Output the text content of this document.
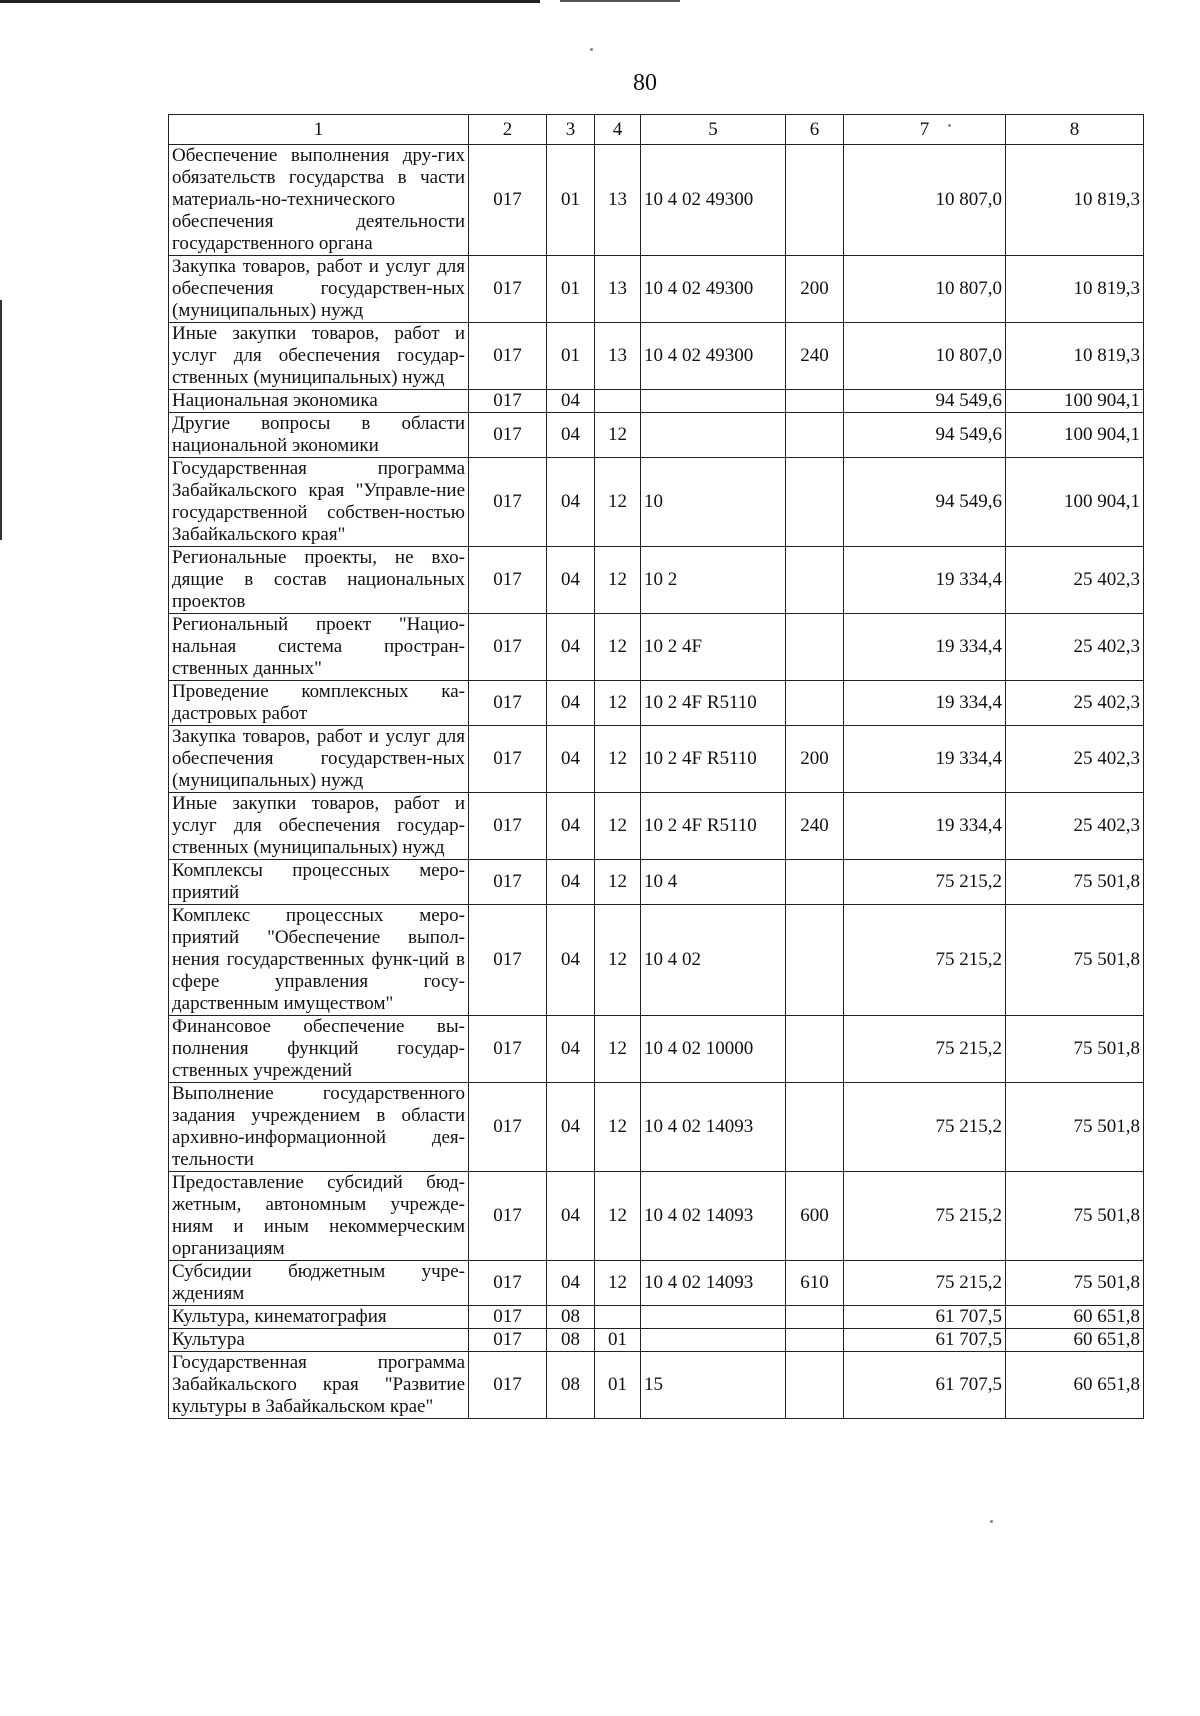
80
1	2	3	4	5	6	7	8
Обеспечение выполнения дру-гих обязательств государства в части материаль-но-технического обеспечения деятельности государственного органа	017	01	13	10 4 02 49300		10 807,0	10 819,3
Закупка товаров, работ и услуг для обеспечения государствен-ных (муниципальных) нужд	017	01	13	10 4 02 49300	200	10 807,0	10 819,3
Иные закупки товаров, работ и услуг для обеспечения государ-ственных (муниципальных) нужд	017	01	13	10 4 02 49300	240	10 807,0	10 819,3
Национальная экономика	017	04				94 549,6	100 904,1
Другие вопросы в области национальной экономики	017	04	12			94 549,6	100 904,1
Государственная программа Забайкальского края "Управле-ние государственной собствен-ностью Забайкальского края"	017	04	12	10		94 549,6	100 904,1
Региональные проекты, не вхо-дящие в состав национальных проектов	017	04	12	10 2		19 334,4	25 402,3
Региональный проект "Нацио-нальная система простран-ственных данных"	017	04	12	10 2 4F		19 334,4	25 402,3
Проведение комплексных ка-дастровых работ	017	04	12	10 2 4F R5110		19 334,4	25 402,3
Закупка товаров, работ и услуг для обеспечения государствен-ных (муниципальных) нужд	017	04	12	10 2 4F R5110	200	19 334,4	25 402,3
Иные закупки товаров, работ и услуг для обеспечения государ-ственных (муниципальных) нужд	017	04	12	10 2 4F R5110	240	19 334,4	25 402,3
Комплексы процессных меро-приятий	017	04	12	10 4		75 215,2	75 501,8
Комплекс процессных меро-приятий "Обеспечение выпол-нения государственных функ-ций в сфере управления госу-дарственным имуществом"	017	04	12	10 4 02		75 215,2	75 501,8
Финансовое обеспечение вы-полнения функций государ-ственных учреждений	017	04	12	10 4 02 10000		75 215,2	75 501,8
Выполнение государственного задания учреждением в области архивно-информационной дея-тельности	017	04	12	10 4 02 14093		75 215,2	75 501,8
Предоставление субсидий бюд-жетным, автономным учрежде-ниям и иным некоммерческим организациям	017	04	12	10 4 02 14093	600	75 215,2	75 501,8
Субсидии бюджетным учре-ждениям	017	04	12	10 4 02 14093	610	75 215,2	75 501,8
Культура, кинематография	017	08				61 707,5	60 651,8
Культура	017	08	01			61 707,5	60 651,8
Государственная программа Забайкальского края "Развитие культуры в Забайкальском крае"	017	08	01	15		61 707,5	60 651,8
